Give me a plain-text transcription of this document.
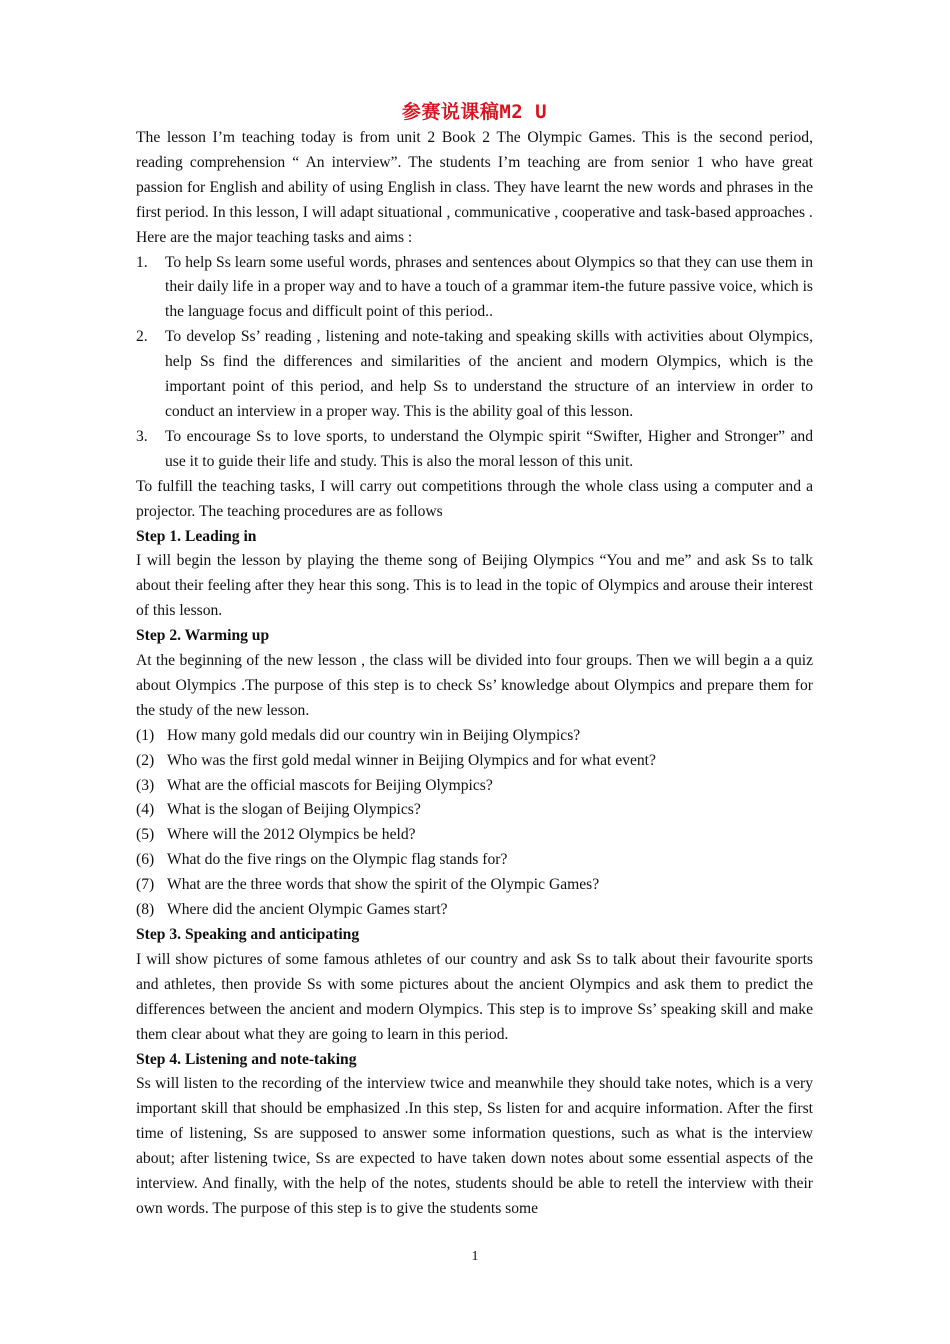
参赛说课稿M2 U

The lesson I’m teaching today is from unit 2 Book 2 The Olympic Games. This is the second period, reading comprehension “ An interview”. The students I’m teaching are from senior 1 who have great passion for English and ability of using English in class. They have learnt the new words and phrases in the first period. In this lesson, I will adapt situational , communicative , cooperative and task-based approaches .

Here are the major teaching tasks and aims :

1. To help Ss learn some useful words, phrases and sentences about Olympics so that they can use them in their daily life in a proper way and to have a touch of a grammar item-the future passive voice, which is the language focus and difficult point of this period..
2. To develop Ss’ reading , listening and note-taking and speaking skills with activities about Olympics, help Ss find the differences and similarities of the ancient and modern Olympics, which is the important point of this period, and help Ss to understand the structure of an interview in order to conduct an interview in a proper way. This is the ability goal of this lesson.
3. To encourage Ss to love sports, to understand the Olympic spirit “Swifter, Higher and Stronger” and use it to guide their life and study. This is also the moral lesson of this unit.

To fulfill the teaching tasks, I will carry out competitions through the whole class using a computer and a projector. The teaching procedures are as follows

Step 1. Leading in

I will begin the lesson by playing the theme song of Beijing Olympics “You and me” and ask Ss to talk about their feeling after they hear this song. This is to lead in the topic of Olympics and arouse their interest of this lesson.

Step 2. Warming up

At the beginning of the new lesson , the class will be divided into four groups. Then we will begin a a quiz about Olympics .The purpose of this step is to check Ss’ knowledge about Olympics and prepare them for the study of the new lesson.

(1) How many gold medals did our country win in Beijing Olympics?
(2) Who was the first gold medal winner in Beijing Olympics and for what event?
(3) What are the official mascots for Beijing Olympics?
(4) What is the slogan of Beijing Olympics?
(5) Where will the 2012 Olympics be held?
(6) What do the five rings on the Olympic flag stands for?
(7) What are the three words that show the spirit of the Olympic Games?
(8) Where did the ancient Olympic Games start?
Step 3. Speaking and anticipating

I will show pictures of some famous athletes of our country and ask Ss to talk about their favourite sports and athletes, then provide Ss with some pictures about the ancient Olympics and ask them to predict the differences between the ancient and modern Olympics. This step is to improve Ss’ speaking skill and make them clear about what they are going to learn in this period.

Step 4. Listening and note-taking

Ss will listen to the recording of the interview twice and meanwhile they should take notes, which is a very important skill that should be emphasized .In this step, Ss listen for and acquire information. After the first time of listening, Ss are supposed to answer some information questions, such as what is the interview about; after listening twice, Ss are expected to have taken down notes about some essential aspects of the interview. And finally, with the help of the notes, students should be able to retell the interview with their own words. The purpose of this step is to give the students some

1
